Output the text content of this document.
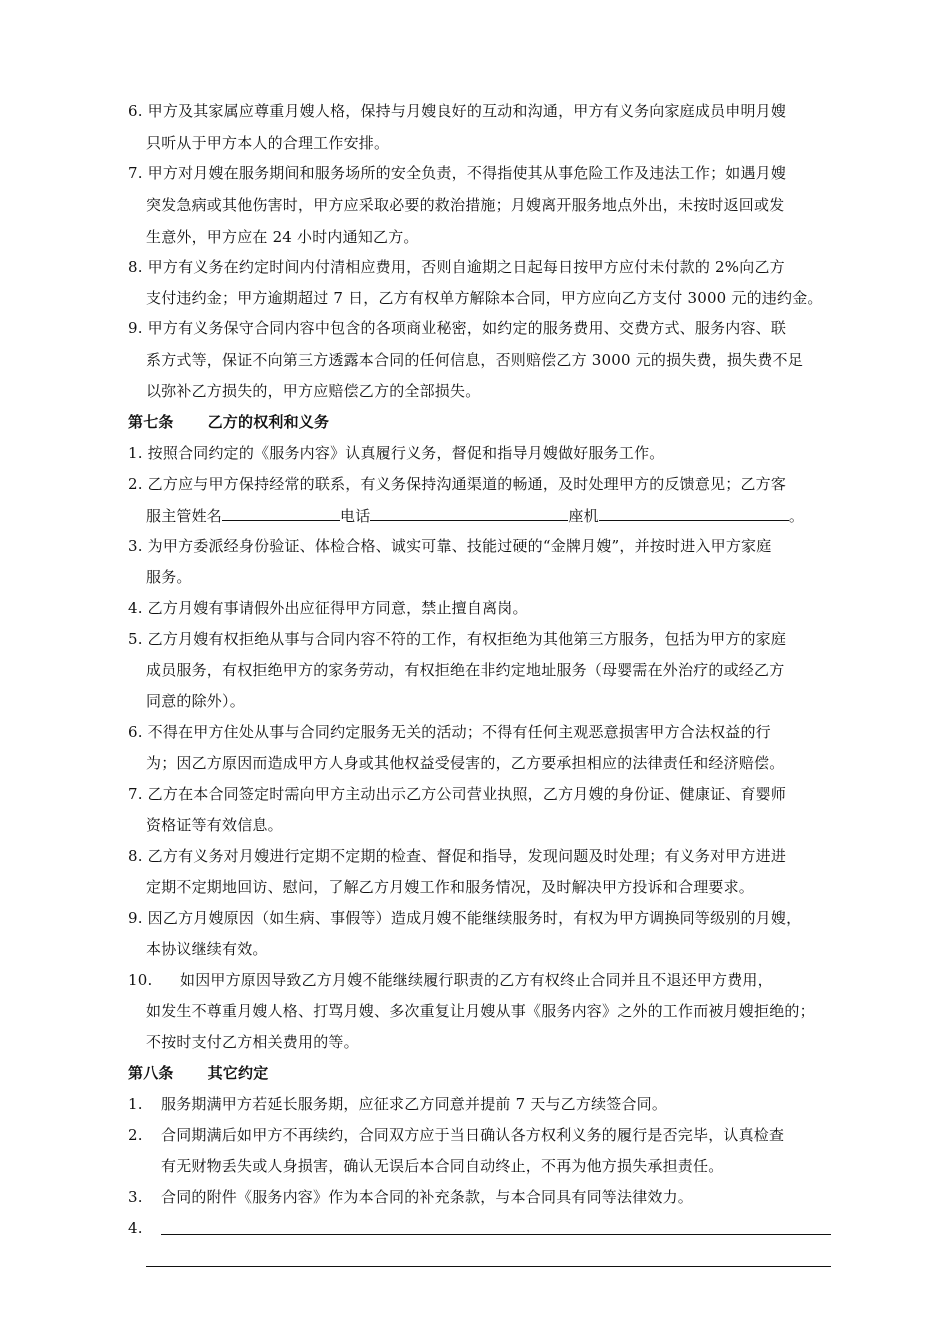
6. 甲方及其家属应尊重月嫂人格，保持与月嫂良好的互动和沟通，甲方有义务向家庭成员申明月嫂
只听从于甲方本人的合理工作安排。
7. 甲方对月嫂在服务期间和服务场所的安全负责，不得指使其从事危险工作及违法工作；如遇月嫂
突发急病或其他伤害时，甲方应采取必要的救治措施；月嫂离开服务地点外出，未按时返回或发
生意外，甲方应在 24 小时内通知乙方。
8. 甲方有义务在约定时间内付清相应费用，否则自逾期之日起每日按甲方应付未付款的 2%向乙方
支付违约金；甲方逾期超过 7 日，乙方有权单方解除本合同，甲方应向乙方支付 3000 元的违约金。
9. 甲方有义务保守合同内容中包含的各项商业秘密，如约定的服务费用、交费方式、服务内容、联
系方式等，保证不向第三方透露本合同的任何信息，否则赔偿乙方 3000 元的损失费，损失费不足
以弥补乙方损失的，甲方应赔偿乙方的全部损失。
第七条 乙方的权利和义务
1. 按照合同约定的《服务内容》认真履行义务，督促和指导月嫂做好服务工作。
2. 乙方应与甲方保持经常的联系，有义务保持沟通渠道的畅通，及时处理甲方的反馈意见；乙方客
服主管姓名	电话	座机	。
3. 为甲方委派经身份验证、体检合格、诚实可靠、技能过硬的“金牌月嫂”，并按时进入甲方家庭
服务。
4. 乙方月嫂有事请假外出应征得甲方同意，禁止擅自离岗。
5. 乙方月嫂有权拒绝从事与合同内容不符的工作，有权拒绝为其他第三方服务，包括为甲方的家庭
成员服务，有权拒绝甲方的家务劳动，有权拒绝在非约定地址服务（母婴需在外治疗的或经乙方
同意的除外）。
6. 不得在甲方住处从事与合同约定服务无关的活动；不得有任何主观恶意损害甲方合法权益的行
为；因乙方原因而造成甲方人身或其他权益受侵害的，乙方要承担相应的法律责任和经济赔偿。
7. 乙方在本合同签定时需向甲方主动出示乙方公司营业执照，乙方月嫂的身份证、健康证、育婴师
资格证等有效信息。
8. 乙方有义务对月嫂进行定期不定期的检查、督促和指导，发现问题及时处理；有义务对甲方进进
定期不定期地回访、慰问，了解乙方月嫂工作和服务情况，及时解决甲方投诉和合理要求。
9. 因乙方月嫂原因（如生病、事假等）造成月嫂不能继续服务时，有权为甲方调换同等级别的月嫂，
本协议继续有效。
10. 如因甲方原因导致乙方月嫂不能继续履行职责的乙方有权终止合同并且不退还甲方费用，
如发生不尊重月嫂人格、打骂月嫂、多次重复让月嫂从事《服务内容》之外的工作而被月嫂拒绝的；
不按时支付乙方相关费用的等。
第八条 其它约定
1. 服务期满甲方若延长服务期，应征求乙方同意并提前 7 天与乙方续签合同。
2. 合同期满后如甲方不再续约，合同双方应于当日确认各方权利义务的履行是否完毕，认真检查
有无财物丢失或人身损害，确认无误后本合同自动终止，不再为他方损失承担责任。
3. 合同的附件《服务内容》作为本合同的补充条款，与本合同具有同等法律效力。
4.
